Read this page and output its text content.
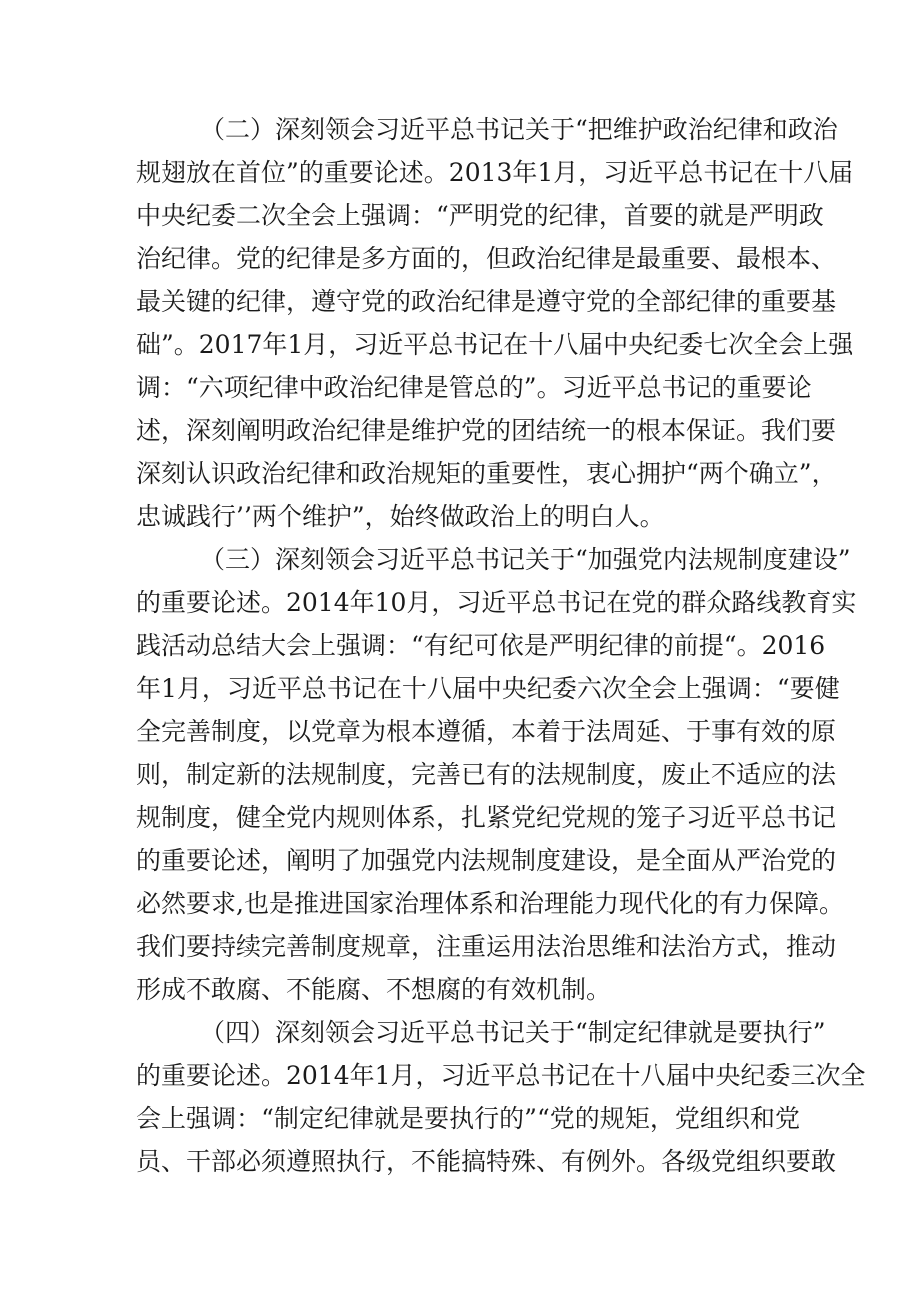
（二）深刻领会习近平总书记关于“把维护政治纪律和政治
规翅放在首位”的重要论述。2013年1月，习近平总书记在十八届
中央纪委二次全会上强调：“严明党的纪律，首要的就是严明政
治纪律。党的纪律是多方面的，但政治纪律是最重要、最根本、
最关键的纪律，遵守党的政治纪律是遵守党的全部纪律的重要基
础”。2017年1月，习近平总书记在十八届中央纪委七次全会上强
调：“六项纪律中政治纪律是管总的”。习近平总书记的重要论
述，深刻阐明政治纪律是维护党的团结统一的根本保证。我们要
深刻认识政治纪律和政治规矩的重要性，衷心拥护“两个确立”，
忠诚践行’’两个维护”，始终做政治上的明白人。
（三）深刻领会习近平总书记关于“加强党内法规制度建设”
的重要论述。2014年10月，习近平总书记在党的群众路线教育实
践活动总结大会上强调：“有纪可依是严明纪律的前提“。2016
年1月，习近平总书记在十八届中央纪委六次全会上强调：“要健
全完善制度，以党章为根本遵循，本着于法周延、于事有效的原
则，制定新的法规制度，完善已有的法规制度，废止不适应的法
规制度，健全党内规则体系，扎紧党纪党规的笼子习近平总书记
的重要论述，阐明了加强党内法规制度建设，是全面从严治党的
必然要求,也是推进国家治理体系和治理能力现代化的有力保障。
我们要持续完善制度规章，注重运用法治思维和法治方式，推动
形成不敢腐、不能腐、不想腐的有效机制。
（四）深刻领会习近平总书记关于“制定纪律就是要执行”
的重要论述。2014年1月，习近平总书记在十八届中央纪委三次全
会上强调：“制定纪律就是要执行的”“党的规矩，党组织和党
员、干部必须遵照执行，不能搞特殊、有例外。各级党组织要敢
